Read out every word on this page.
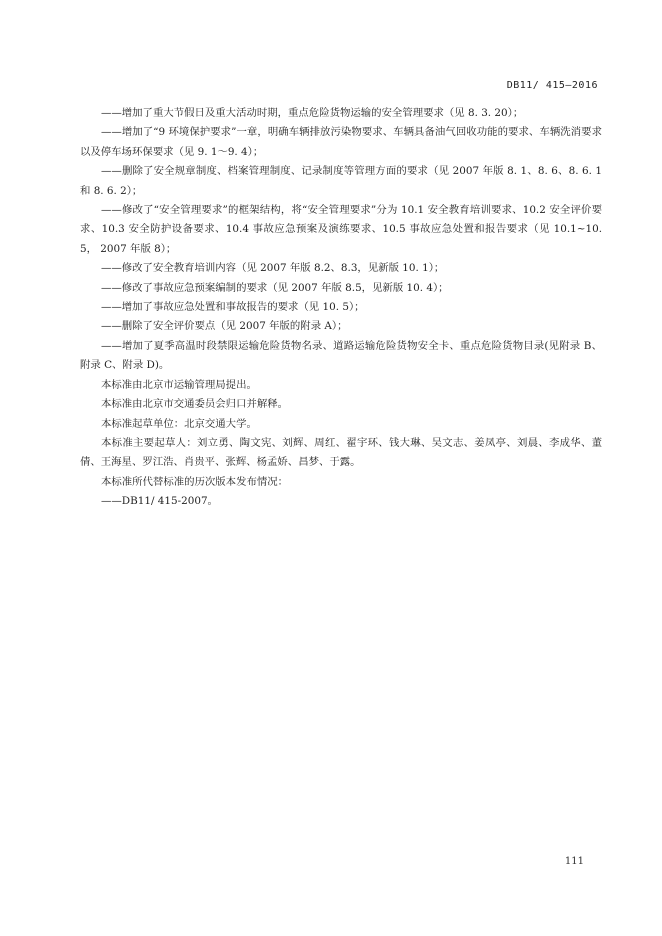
DB11/ 415—2016

——增加了重大节假日及重大活动时期，重点危险货物运输的安全管理要求（见 8. 3. 20）；

——增加了“9 环境保护要求”一章，明确车辆排放污染物要求、车辆具备油气回收功能的要求、车辆洗消要求以及停车场环保要求（见 9. 1～9. 4）；

——删除了安全规章制度、档案管理制度、记录制度等管理方面的要求（见 2007 年版 8. 1、8. 6、8. 6. 1 和 8. 6. 2）；

——修改了“安全管理要求”的框架结构，将“安全管理要求”分为 10.1 安全教育培训要求、10.2 安全评价要求、10.3 安全防护设备要求、10.4 事故应急预案及演练要求、10.5 事故应急处置和报告要求（见 10.1~10.5， 2007 年版 8）；

——修改了安全教育培训内容（见 2007 年版 8.2、8.3，见新版 10. 1）；

——修改了事故应急预案编制的要求（见 2007 年版 8.5，见新版 10. 4）；

——增加了事故应急处置和事故报告的要求（见 10. 5）；

——删除了安全评价要点（见 2007 年版的附录 A）；

——增加了夏季高温时段禁限运输危险货物名录、道路运输危险货物安全卡、重点危险货物目录(见附录 B、附录 C、附录 D)。

本标准由北京市运输管理局提出。

本标准由北京市交通委员会归口并解释。

本标准起草单位：北京交通大学。

本标准主要起草人：刘立勇、陶文宪、刘辉、周红、翟宇环、钱大琳、吴文志、姜凤亭、刘晨、李成华、董倩、王海星、罗江浩、肖贵平、张辉、杨孟娇、昌梦、于露。

本标准所代替标准的历次版本发布情况：

——DB11/ 415-2007。

111
